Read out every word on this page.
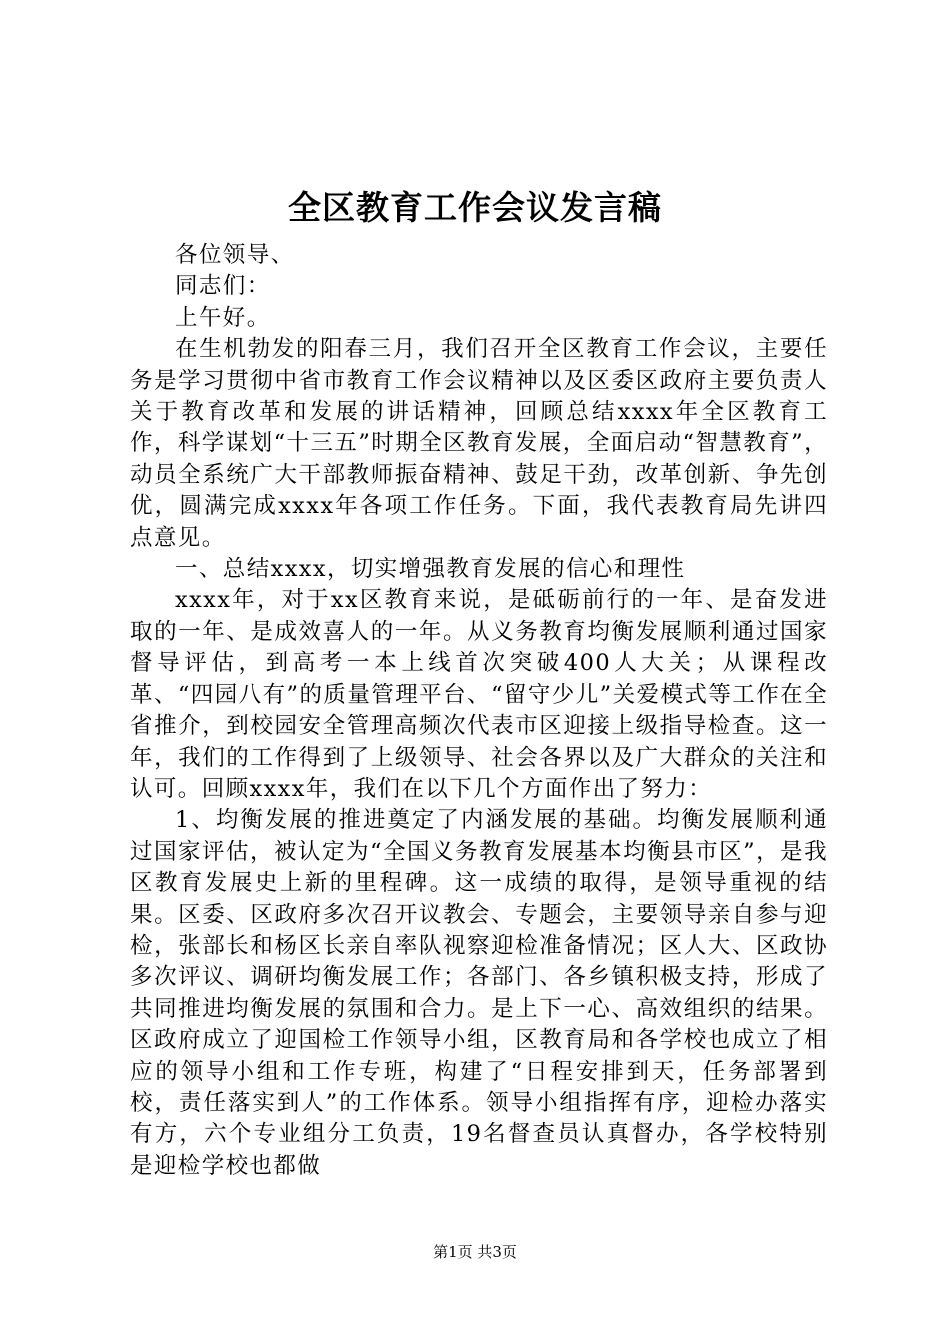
全区教育工作会议发言稿

各位领导、

同志们：

上午好。

在生机勃发的阳春三月，我们召开全区教育工作会议，主要任务是学习贯彻中省市教育工作会议精神以及区委区政府主要负责人关于教育改革和发展的讲话精神，回顾总结xxxx年全区教育工作，科学谋划“十三五”时期全区教育发展，全面启动“智慧教育”，动员全系统广大干部教师振奋精神、鼓足干劲，改革创新、争先创优，圆满完成xxxx年各项工作任务。下面，我代表教育局先讲四点意见。

一、总结xxxx，切实增强教育发展的信心和理性

xxxx年，对于xx区教育来说，是砥砺前行的一年、是奋发进取的一年、是成效喜人的一年。从义务教育均衡发展顺利通过国家督导评估，到高考一本上线首次突破400人大关；从课程改革、“四园八有”的质量管理平台、“留守少儿”关爱模式等工作在全省推介，到校园安全管理高频次代表市区迎接上级指导检查。这一年，我们的工作得到了上级领导、社会各界以及广大群众的关注和认可。回顾xxxx年，我们在以下几个方面作出了努力：

1、均衡发展的推进奠定了内涵发展的基础。均衡发展顺利通过国家评估，被认定为“全国义务教育发展基本均衡县市区”，是我区教育发展史上新的里程碑。这一成绩的取得，是领导重视的结果。区委、区政府多次召开议教会、专题会，主要领导亲自参与迎检，张部长和杨区长亲自率队视察迎检准备情况；区人大、区政协多次评议、调研均衡发展工作；各部门、各乡镇积极支持，形成了共同推进均衡发展的氛围和合力。是上下一心、高效组织的结果。区政府成立了迎国检工作领导小组，区教育局和各学校也成立了相应的领导小组和工作专班，构建了“日程安排到天，任务部署到校，责任落实到人”的工作体系。领导小组指挥有序，迎检办落实有方，六个专业组分工负责，19名督查员认真督办，各学校特别是迎检学校也都做

第1页 共3页
